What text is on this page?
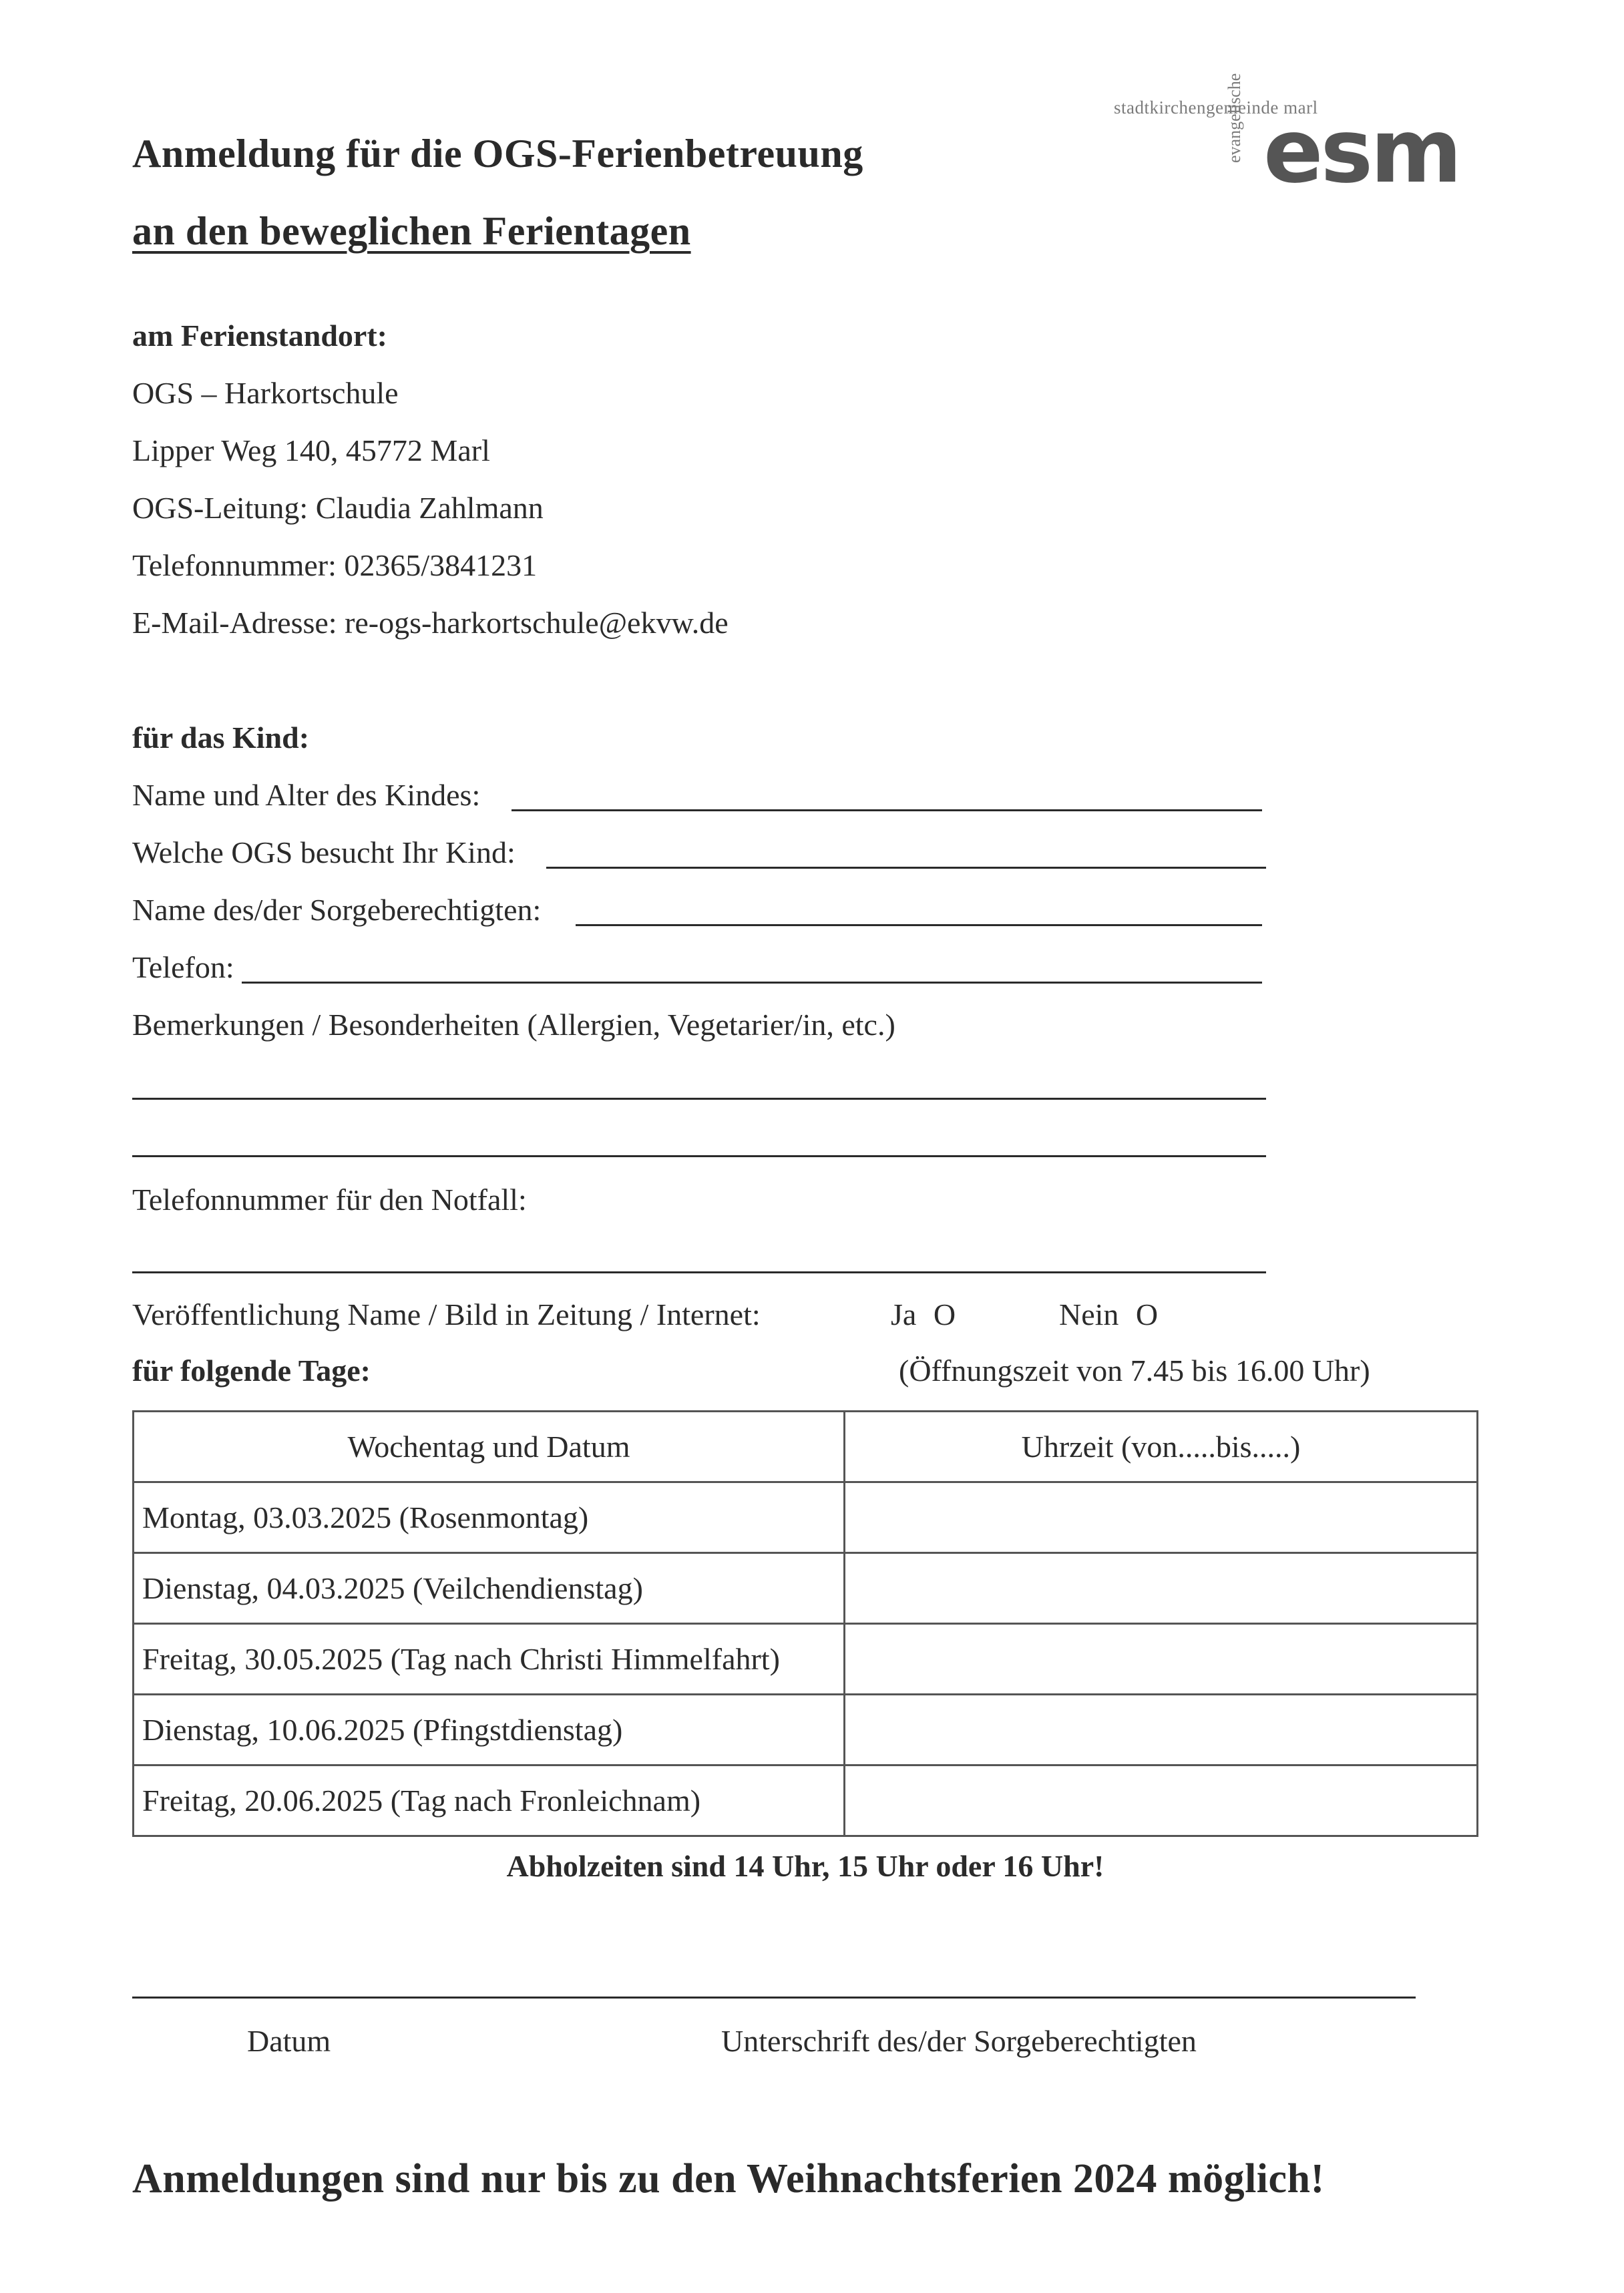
stadtkirchengemeinde marl
evangelische esm
Anmeldung für die OGS-Ferienbetreuung
an den beweglichen Ferientagen
am Ferienstandort:
OGS – Harkortschule
Lipper Weg 140, 45772 Marl
OGS-Leitung: Claudia Zahlmann
Telefonnummer: 02365/3841231
E-Mail-Adresse: re-ogs-harkortschule@ekvw.de
für das Kind:
Name und Alter des Kindes:
Welche OGS besucht Ihr Kind:
Name des/der Sorgeberechtigten:
Telefon:
Bemerkungen / Besonderheiten (Allergien, Vegetarier/in, etc.)
Telefonnummer für den Notfall:
Veröffentlichung Name / Bild in Zeitung / Internet:	Ja O	Nein O
für folgende Tage:	(Öffnungszeit von 7.45 bis 16.00 Uhr)
Wochentag und Datum	Uhrzeit (von.....bis.....)
Montag, 03.03.2025 (Rosenmontag)	
Dienstag, 04.03.2025 (Veilchendienstag)	
Freitag, 30.05.2025 (Tag nach Christi Himmelfahrt)	
Dienstag, 10.06.2025 (Pfingstdienstag)	
Freitag, 20.06.2025 (Tag nach Fronleichnam)	
Abholzeiten sind 14 Uhr, 15 Uhr oder 16 Uhr!
Datum	Unterschrift des/der Sorgeberechtigten
Anmeldungen sind nur bis zu den Weihnachtsferien 2024 möglich!
